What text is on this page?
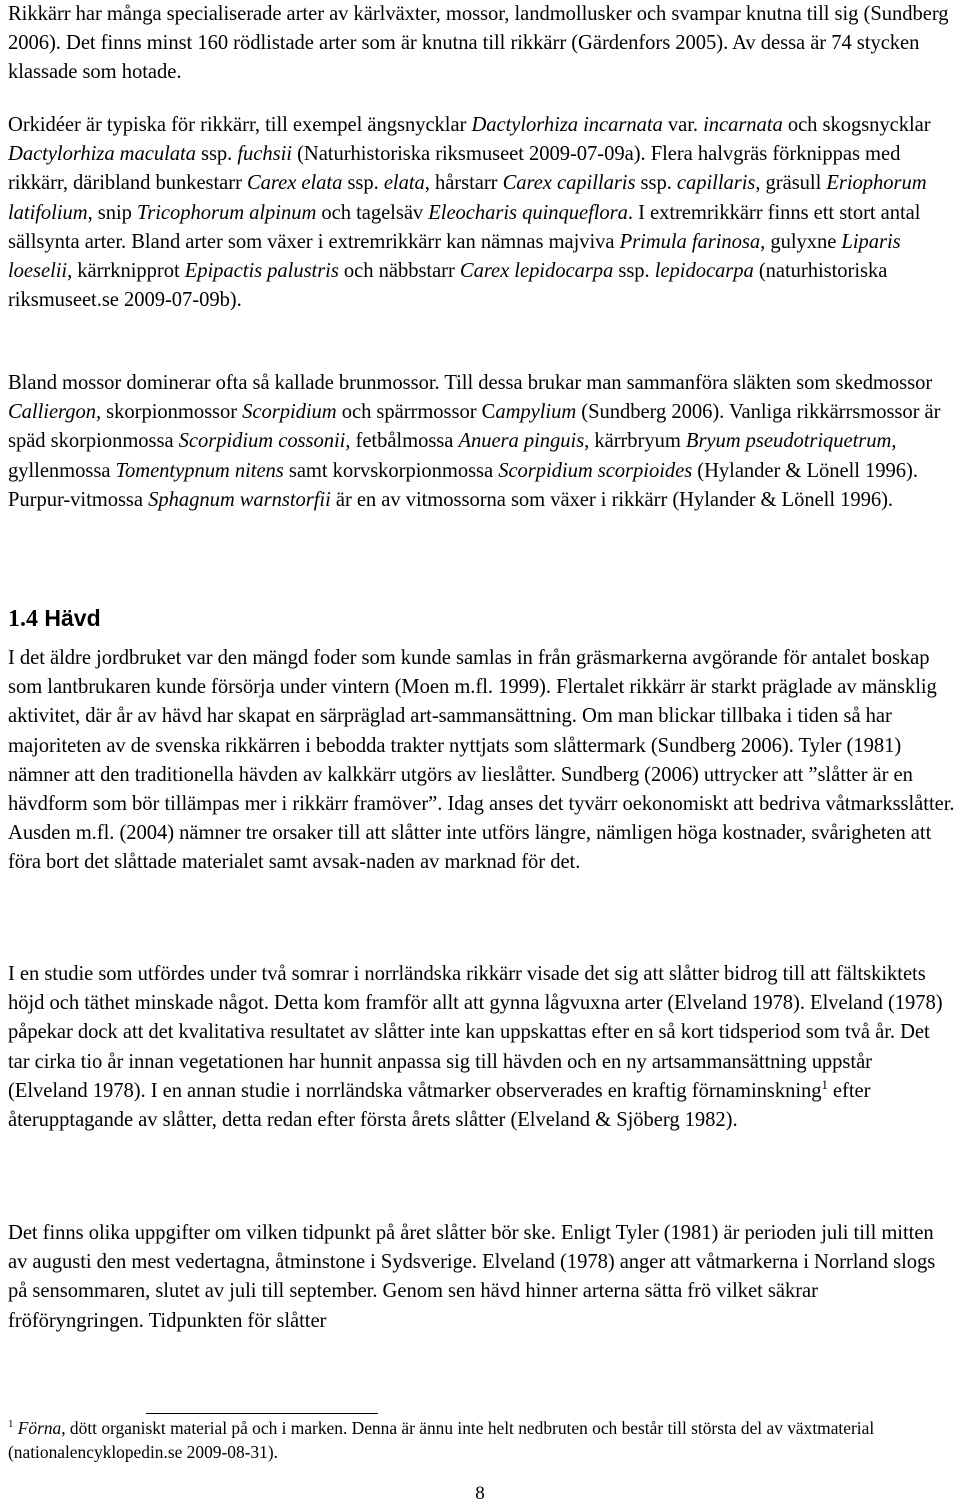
Rikkärr har många specialiserade arter av kärlväxter, mossor, landmollusker och svampar knutna till sig (Sundberg 2006). Det finns minst 160 rödlistade arter som är knutna till rikkärr (Gärdenfors 2005). Av dessa är 74 stycken klassade som hotade.

Orkidéer är typiska för rikkärr, till exempel ängsnycklar Dactylorhiza incarnata var. incarnata och skogsnycklar Dactylorhiza maculata ssp. fuchsii (Naturhistoriska riksmuseet 2009-07-09a). Flera halvgräs förknippas med rikkärr, däribland bunkestarr Carex elata ssp. elata, hårstarr Carex capillaris ssp. capillaris, gräsull Eriophorum latifolium, snip Tricophorum alpinum och tagelsäv Eleocharis quinqueflora. I extremrikkärr finns ett stort antal sällsynta arter. Bland arter som växer i extremrikkärr kan nämnas majviva Primula farinosa, gulyxne Liparis loeselii, kärrknipprot Epipactis palustris och näbbstarr Carex lepidocarpa ssp. lepidocarpa (naturhistoriska riksmuseet.se 2009-07-09b).

Bland mossor dominerar ofta så kallade brunmossor. Till dessa brukar man sammanföra släkten som skedmossor Calliergon, skorpionmossor Scorpidium och spärrmossor Campylium (Sundberg 2006). Vanliga rikkärrsmossor är späd skorpionmossa Scorpidium cossonii, fetbålmossa Anuera pinguis, kärrbryum Bryum pseudotriquetrum, gyllenmossa Tomentypnum nitens samt korvskorpionmossa Scorpidium scorpioides (Hylander & Lönell 1996). Purpur-vitmossa Sphagnum warnstorfii är en av vitmossorna som växer i rikkärr (Hylander & Lönell 1996).

I det äldre jordbruket var den mängd foder som kunde samlas in från gräsmarkerna avgörande för antalet boskap som lantbrukaren kunde försörja under vintern (Moen m.fl. 1999). Flertalet rikkärr är starkt präglade av mänsklig aktivitet, där år av hävd har skapat en särpräglad art-sammansättning. Om man blickar tillbaka i tiden så har majoriteten av de svenska rikkärren i bebodda trakter nyttjats som slåttermark (Sundberg 2006). Tyler (1981) nämner att den traditionella hävden av kalkkärr utgörs av lieslåtter. Sundberg (2006) uttrycker att ”slåtter är en hävdform som bör tillämpas mer i rikkärr framöver”. Idag anses det tyvärr oekonomiskt att bedriva våtmarksslåtter. Ausden m.fl. (2004) nämner tre orsaker till att slåtter inte utförs längre, nämligen höga kostnader, svårigheten att föra bort det slåttade materialet samt avsak-naden av marknad för det.

I en studie som utfördes under två somrar i norrländska rikkärr visade det sig att slåtter bidrog till att fältskiktets höjd och täthet minskade något. Detta kom framför allt att gynna lågvuxna arter (Elveland 1978). Elveland (1978) påpekar dock att det kvalitativa resultatet av slåtter inte kan uppskattas efter en så kort tidsperiod som två år. Det tar cirka tio år innan vegetationen har hunnit anpassa sig till hävden och en ny artsammansättning uppstår (Elveland 1978). I en annan studie i norrländska våtmarker observerades en kraftig förnaminskning$^1$ efter återupptagande av slåtter, detta redan efter första årets slåtter (Elveland & Sjöberg 1982).

Det finns olika uppgifter om vilken tidpunkt på året slåtter bör ske. Enligt Tyler (1981) är perioden juli till mitten av augusti den mest vedertagna, åtminstone i Sydsverige. Elveland (1978) anger att våtmarkerna i Norrland slogs på sensommaren, slutet av juli till september. Genom sen hävd hinner arterna sätta frö vilket säkrar fröföryngringen. Tidpunkten för slåtter

1.4 Hävd

$^1$ Förna, dött organiskt material på och i marken. Denna är ännu inte helt nedbruten och består till största del av växtmaterial (nationalencyklopedin.se 2009-08-31).

8
